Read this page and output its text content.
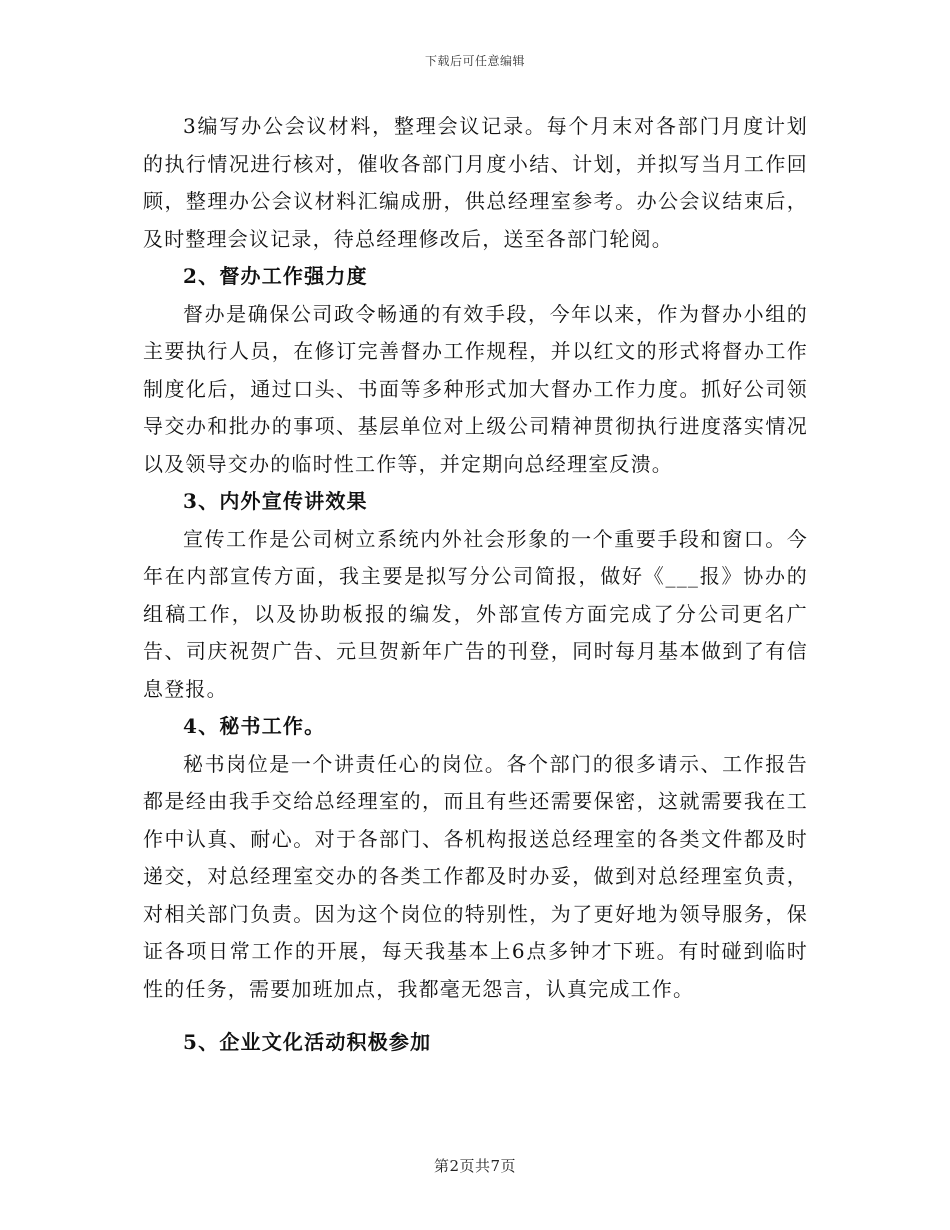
下载后可任意编辑

3编写办公会议材料，整理会议记录。每个月末对各部门月度计划的执行情况进行核对，催收各部门月度小结、计划，并拟写当月工作回顾，整理办公会议材料汇编成册，供总经理室参考。办公会议结束后，及时整理会议记录，待总经理修改后，送至各部门轮阅。

2、督办工作强力度

督办是确保公司政令畅通的有效手段，今年以来，作为督办小组的主要执行人员，在修订完善督办工作规程，并以红文的形式将督办工作制度化后，通过口头、书面等多种形式加大督办工作力度。抓好公司领导交办和批办的事项、基层单位对上级公司精神贯彻执行进度落实情况以及领导交办的临时性工作等，并定期向总经理室反溃。

3、内外宣传讲效果

宣传工作是公司树立系统内外社会形象的一个重要手段和窗口。今年在内部宣传方面，我主要是拟写分公司简报，做好《___报》协办的组稿工作，以及协助板报的编发，外部宣传方面完成了分公司更名广告、司庆祝贺广告、元旦贺新年广告的刊登，同时每月基本做到了有信息登报。

4、秘书工作。

秘书岗位是一个讲责任心的岗位。各个部门的很多请示、工作报告都是经由我手交给总经理室的，而且有些还需要保密，这就需要我在工作中认真、耐心。对于各部门、各机构报送总经理室的各类文件都及时递交，对总经理室交办的各类工作都及时办妥，做到对总经理室负责，对相关部门负责。因为这个岗位的特别性，为了更好地为领导服务，保证各项日常工作的开展，每天我基本上6点多钟才下班。有时碰到临时性的任务，需要加班加点，我都毫无怨言，认真完成工作。

5、企业文化活动积极参加

第2页共7页
